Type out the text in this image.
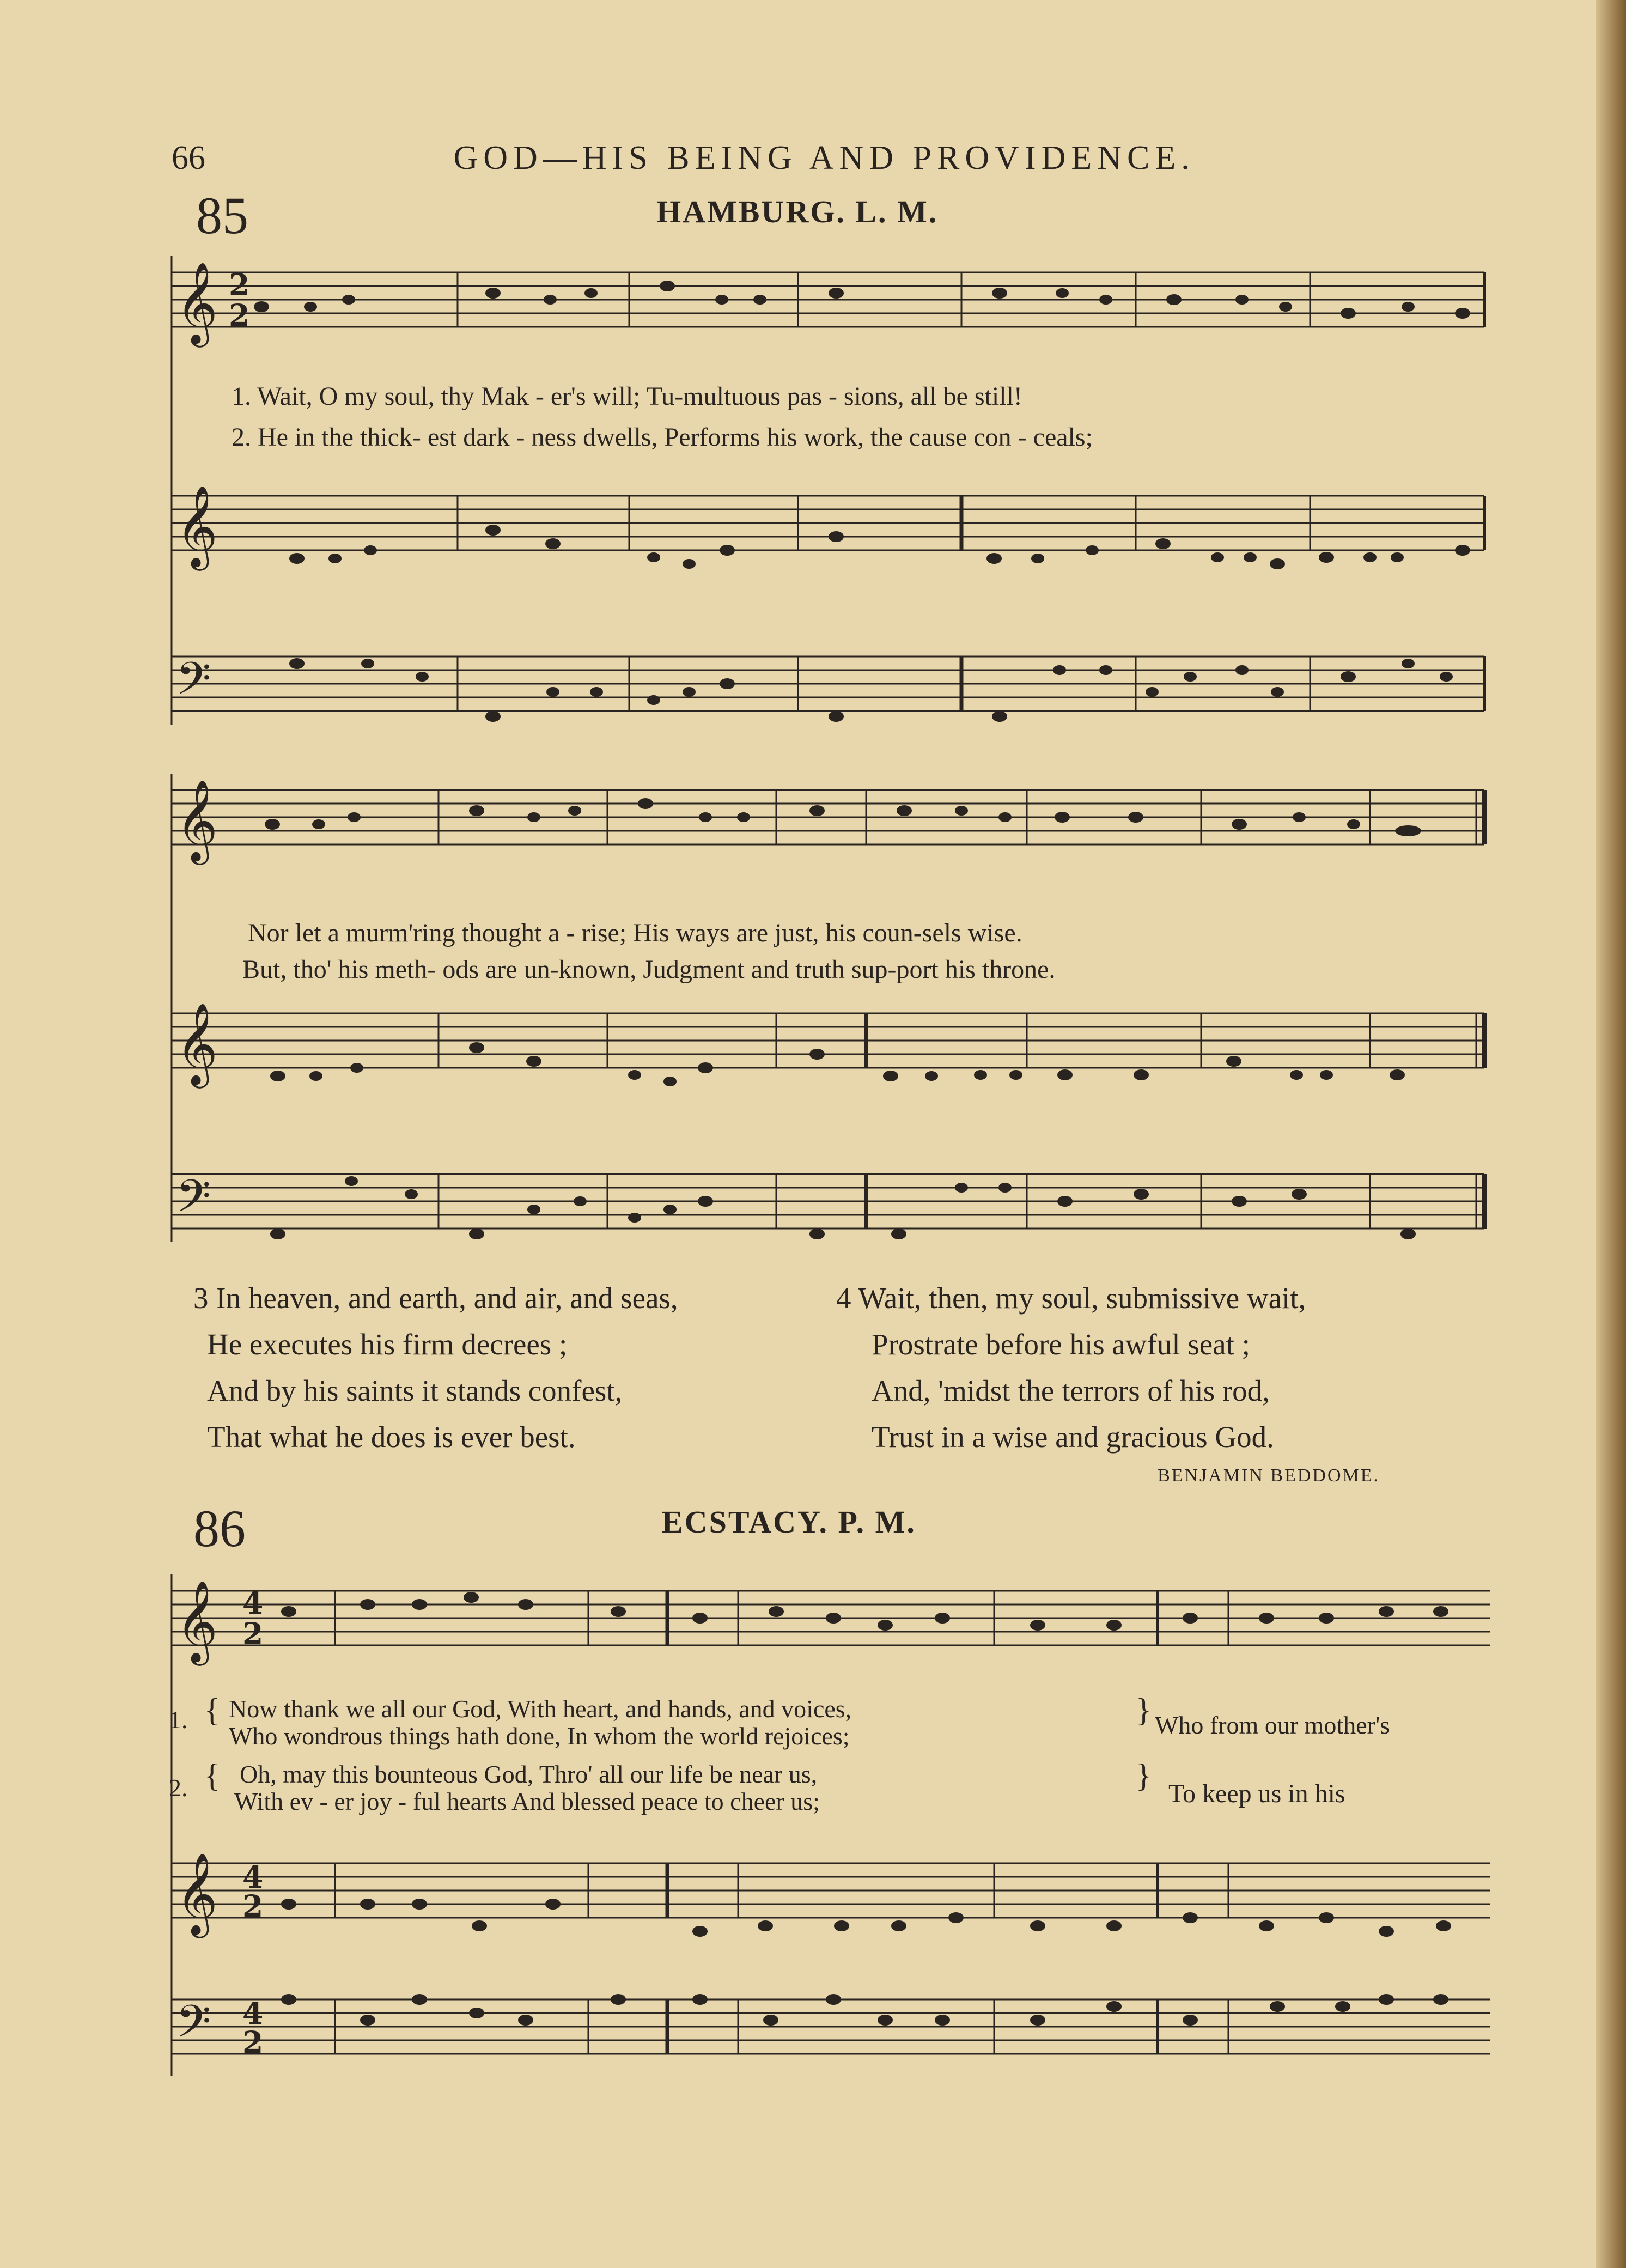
66	GOD—HIS BEING AND PROVIDENCE.
85	HAMBURG. L. M.
𝄞
𝄞
𝄢
2
2
1. Wait, O my soul, thy Mak - er's will; Tu-multuous pas - sions, all be still!
2. He in the thick- est dark - ness dwells, Performs his work, the cause con - ceals;
𝄞
𝄞
𝄢
Nor let a murm'ring thought a - rise; His ways are just, his coun-sels wise.
But, tho' his meth- ods are un-known, Judgment and truth sup-port his throne.
3 In heaven, and earth, and air, and seas,
He executes his firm decrees ;
And by his saints it stands confest,
That what he does is ever best.
4 Wait, then, my soul, submissive wait,
Prostrate before his awful seat ;
And, 'midst the terrors of his rod,
Trust in a wise and gracious God.
BENJAMIN BEDDOME.
86	ECSTACY. P. M.
𝄞
𝄞
𝄢
4
2
4
2
4
2
1. { Now thank we all our God, With heart, and hands, and voices,
Who wondrous things hath done, In whom the world rejoices;
} Who from our mother's
2. { Oh, may this bounteous God, Thro' all our life be near us,
With ev - er joy - ful hearts And blessed peace to cheer us;
}
To keep us in his
